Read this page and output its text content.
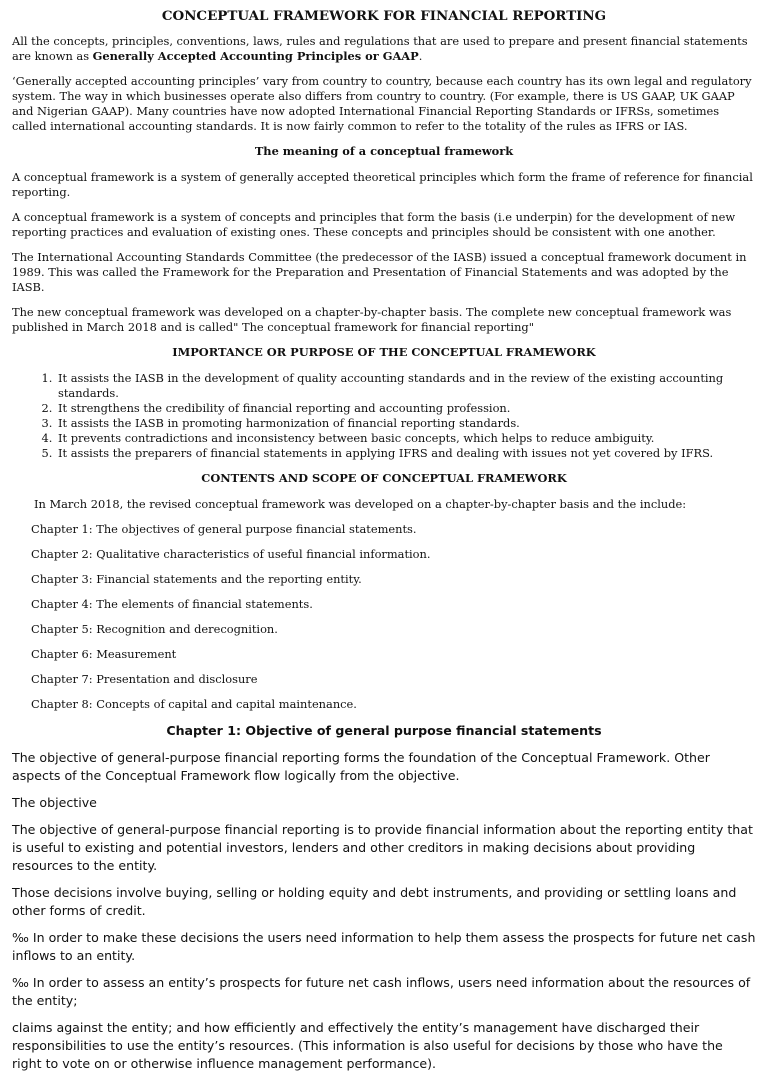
CONCEPTUAL FRAMEWORK FOR FINANCIAL REPORTING

All the concepts, principles, conventions, laws, rules and regulations that are used to prepare and present financial statements are known as Generally Accepted Accounting Principles or GAAP.

‘Generally accepted accounting principles’ vary from country to country, because each country has its own legal and regulatory system. The way in which businesses operate also differs from country to country. (For example, there is US GAAP, UK GAAP and Nigerian GAAP). Many countries have now adopted International Financial Reporting Standards or IFRSs, sometimes called international accounting standards. It is now fairly common to refer to the totality of the rules as IFRS or IAS.

The meaning of a conceptual framework

A conceptual framework is a system of generally accepted theoretical principles which form the frame of reference for financial reporting.

A conceptual framework is a system of concepts and principles that form the basis (i.e underpin) for the development of new reporting practices and evaluation of existing ones. These concepts and principles should be consistent with one another.

The International Accounting Standards Committee (the predecessor of the IASB) issued a conceptual framework document in 1989. This was called the Framework for the Preparation and Presentation of Financial Statements and was adopted by the IASB.

The new conceptual framework was developed on a chapter-by-chapter basis. The complete new conceptual framework was published in March 2018 and is called" The conceptual framework for financial reporting"

IMPORTANCE OR PURPOSE OF THE CONCEPTUAL FRAMEWORK
1. It assists the IASB in the development of quality accounting standards and in the review of the existing accounting standards.
2. It strengthens the credibility of financial reporting and accounting profession.
3. It assists the IASB in promoting harmonization of financial reporting standards.
4. It prevents contradictions and inconsistency between basic concepts, which helps to reduce ambiguity.
5. It assists the preparers of financial statements in applying IFRS and dealing with issues not yet covered by IFRS.
CONTENTS AND SCOPE OF CONCEPTUAL FRAMEWORK

In March 2018, the revised conceptual framework was developed on a chapter-by-chapter basis and the include:

Chapter 1: The objectives of general purpose financial statements.
Chapter 2: Qualitative characteristics of useful financial information.
Chapter 3: Financial statements and the reporting entity.
Chapter 4: The elements of financial statements.
Chapter 5: Recognition and derecognition.
Chapter 6: Measurement
Chapter 7: Presentation and disclosure
Chapter 8: Concepts of capital and capital maintenance.
Chapter 1: Objective of general purpose financial statements

The objective of general-purpose financial reporting forms the foundation of the Conceptual Framework. Other aspects of the Conceptual Framework flow logically from the objective.

The objective

The objective of general-purpose financial reporting is to provide financial information about the reporting entity that is useful to existing and potential investors, lenders and other creditors in making decisions about providing resources to the entity.

Those decisions involve buying, selling or holding equity and debt instruments, and providing or settling loans and other forms of credit.

‰ In order to make these decisions the users need information to help them assess the prospects for future net cash inflows to an entity.

‰ In order to assess an entity’s prospects for future net cash inflows, users need information about the resources of the entity;

claims against the entity; and how efficiently and effectively the entity’s management have discharged their responsibilities to use the entity’s resources. (This information is also useful for decisions by those who have the right to vote on or otherwise influence management performance).
